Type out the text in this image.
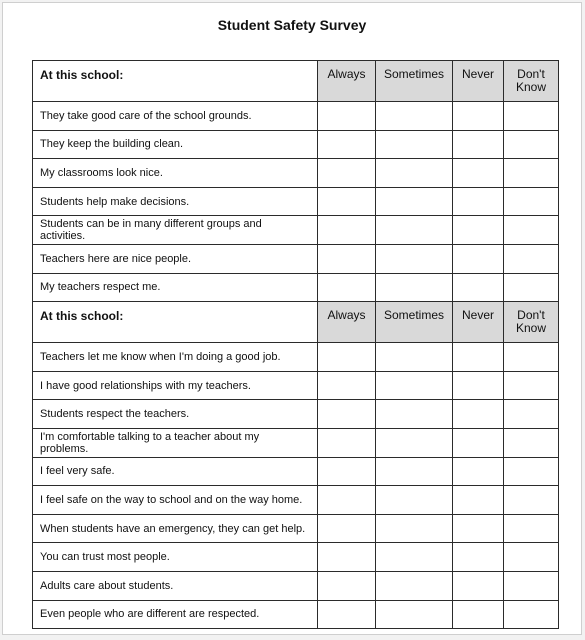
Student Safety Survey
At this school:	Always	Sometimes	Never	Don't Know
They take good care of the school grounds.				
They keep the building clean.				
My classrooms look nice.				
Students help make decisions.				
Students can be in many different groups and activities.				
Teachers here are nice people.				
My teachers respect me.				
At this school:	Always	Sometimes	Never	Don't Know
Teachers let me know when I'm doing a good job.				
I have good relationships with my teachers.				
Students respect the teachers.				
I'm comfortable talking to a teacher about my problems.				
I feel very safe.				
I feel safe on the way to school and on the way home.				
When students have an emergency, they can get help.				
You can trust most people.				
Adults care about students.				
Even people who are different are respected.				
